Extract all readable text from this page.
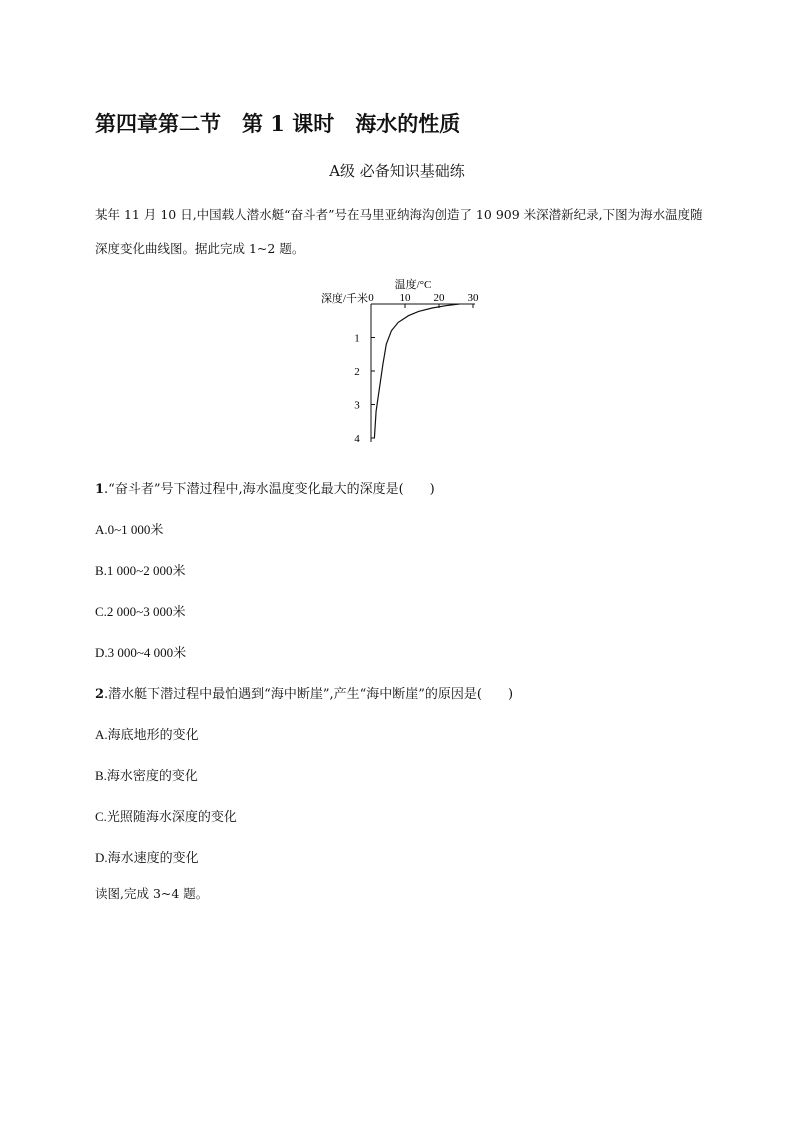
第四章第二节　第 1 课时　海水的性质
A级 必备知识基础练
某年 11 月 10 日,中国载人潜水艇“奋斗者”号在马里亚纳海沟创造了 10 909 米深潜新纪录,下图为海水温度随深度变化曲线图。据此完成 1~2 题。
温度/°C
深度/千米 0 10 20 30
1
2
3
4
1.“奋斗者”号下潜过程中,海水温度变化最大的深度是(　　)
A.0~1 000米
B.1 000~2 000米
C.2 000~3 000米
D.3 000~4 000米
2.潜水艇下潜过程中最怕遇到“海中断崖”,产生“海中断崖”的原因是(　　)
A.海底地形的变化
B.海水密度的变化
C.光照随海水深度的变化
D.海水速度的变化
读图,完成 3~4 题。
